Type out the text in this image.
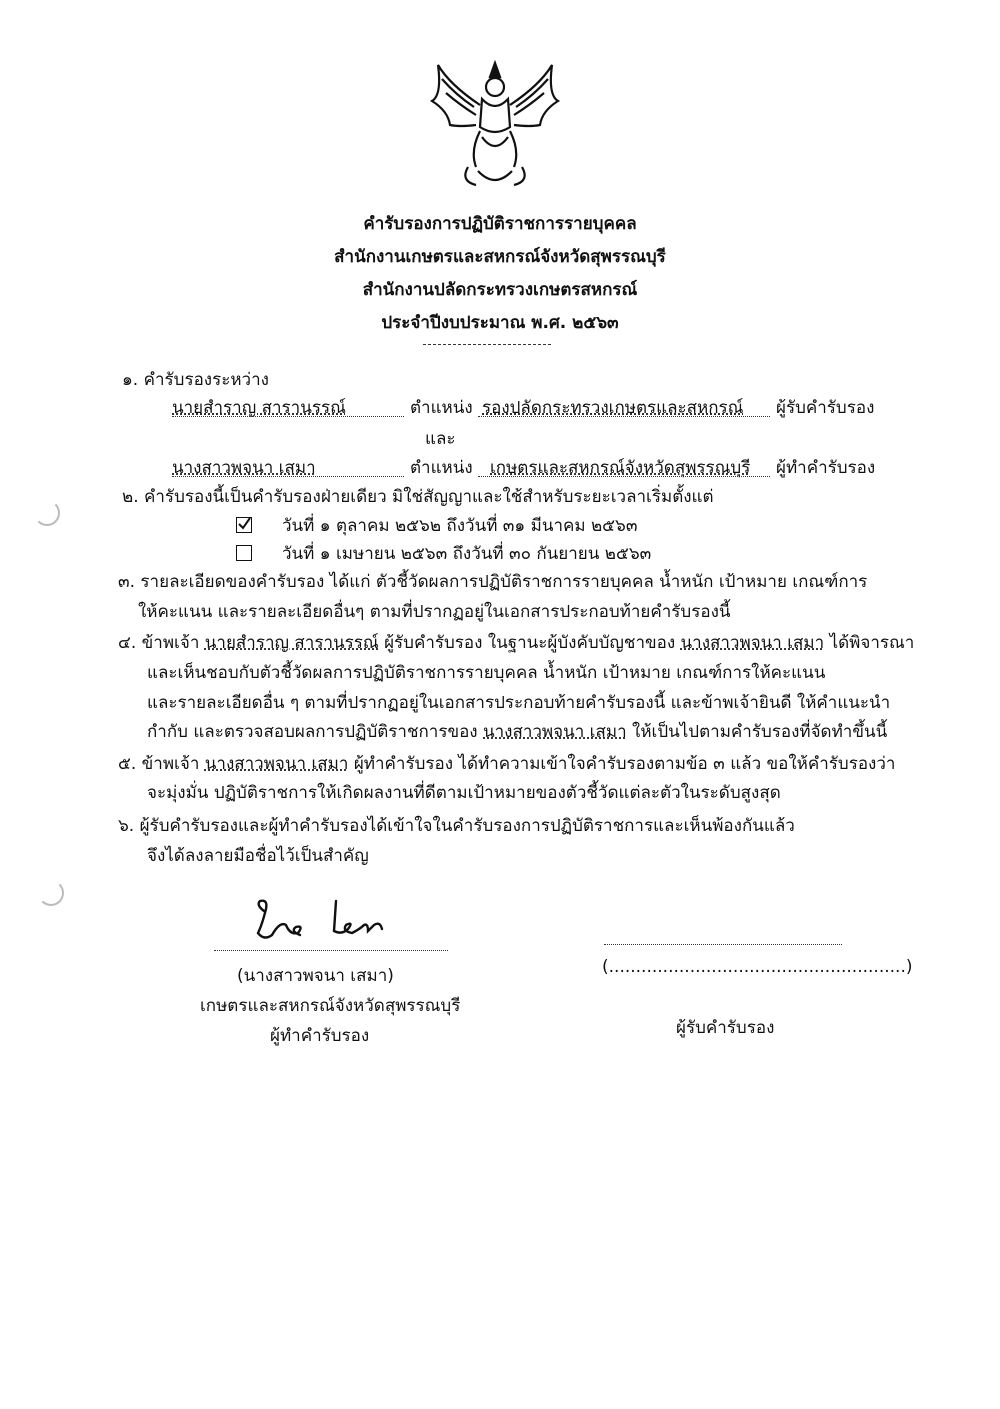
คำรับรองการปฏิบัติราชการรายบุคคล
สำนักงานเกษตรและสหกรณ์จังหวัดสุพรรณบุรี
สำนักงานปลัดกระทรวงเกษตรสหกรณ์
ประจำปีงบประมาณ พ.ศ. ๒๕๖๓
๑. คำรับรองระหว่าง
นายสำราญ สารานรรณ์	ตำแหน่ง รองปลัดกระทรวงเกษตรและสหกรณ์ ผู้รับคำรับรอง
และ
นางสาวพจนา เสมา	ตำแหน่ง เกษตรและสหกรณ์จังหวัดสุพรรณบุรี ผู้ทำคำรับรอง
๒. คำรับรองนี้เป็นคำรับรองฝ่ายเดียว มิใช่สัญญาและใช้สำหรับระยะเวลาเริ่มตั้งแต่
วันที่ ๑ ตุลาคม ๒๕๖๒ ถึงวันที่ ๓๑ มีนาคม ๒๕๖๓
วันที่ ๑ เมษายน ๒๕๖๓ ถึงวันที่ ๓๐ กันยายน ๒๕๖๓
๓. รายละเอียดของคำรับรอง ได้แก่ ตัวชี้วัดผลการปฏิบัติราชการรายบุคคล น้ำหนัก เป้าหมาย เกณฑ์การ
ให้คะแนน และรายละเอียดอื่นๆ ตามที่ปรากฏอยู่ในเอกสารประกอบท้ายคำรับรองนี้
๔. ข้าพเจ้า นายสำราญ สารานรรณ์ ผู้รับคำรับรอง ในฐานะผู้บังคับบัญชาของ นางสาวพจนา เสมา ได้พิจารณา
และเห็นชอบกับตัวชี้วัดผลการปฏิบัติราชการรายบุคคล น้ำหนัก เป้าหมาย เกณฑ์การให้คะแนน
และรายละเอียดอื่น ๆ ตามที่ปรากฏอยู่ในเอกสารประกอบท้ายคำรับรองนี้ และข้าพเจ้ายินดี ให้คำแนะนำ
กำกับ และตรวจสอบผลการปฏิบัติราชการของ นางสาวพจนา เสมา ให้เป็นไปตามคำรับรองที่จัดทำขึ้นนี้
๕. ข้าพเจ้า นางสาวพจนา เสมา ผู้ทำคำรับรอง ได้ทำความเข้าใจคำรับรองตามข้อ ๓ แล้ว ขอให้คำรับรองว่า
จะมุ่งมั่น ปฏิบัติราชการให้เกิดผลงานที่ดีตามเป้าหมายของตัวชี้วัดแต่ละตัวในระดับสูงสุด
๖. ผู้รับคำรับรองและผู้ทำคำรับรองได้เข้าใจในคำรับรองการปฏิบัติราชการและเห็นพ้องกันแล้ว
จึงได้ลงลายมือชื่อไว้เป็นสำคัญ
(นางสาวพจนา เสมา)
เกษตรและสหกรณ์จังหวัดสุพรรณบุรี
ผู้ทำคำรับรอง
(.......................................................)
ผู้รับคำรับรอง
